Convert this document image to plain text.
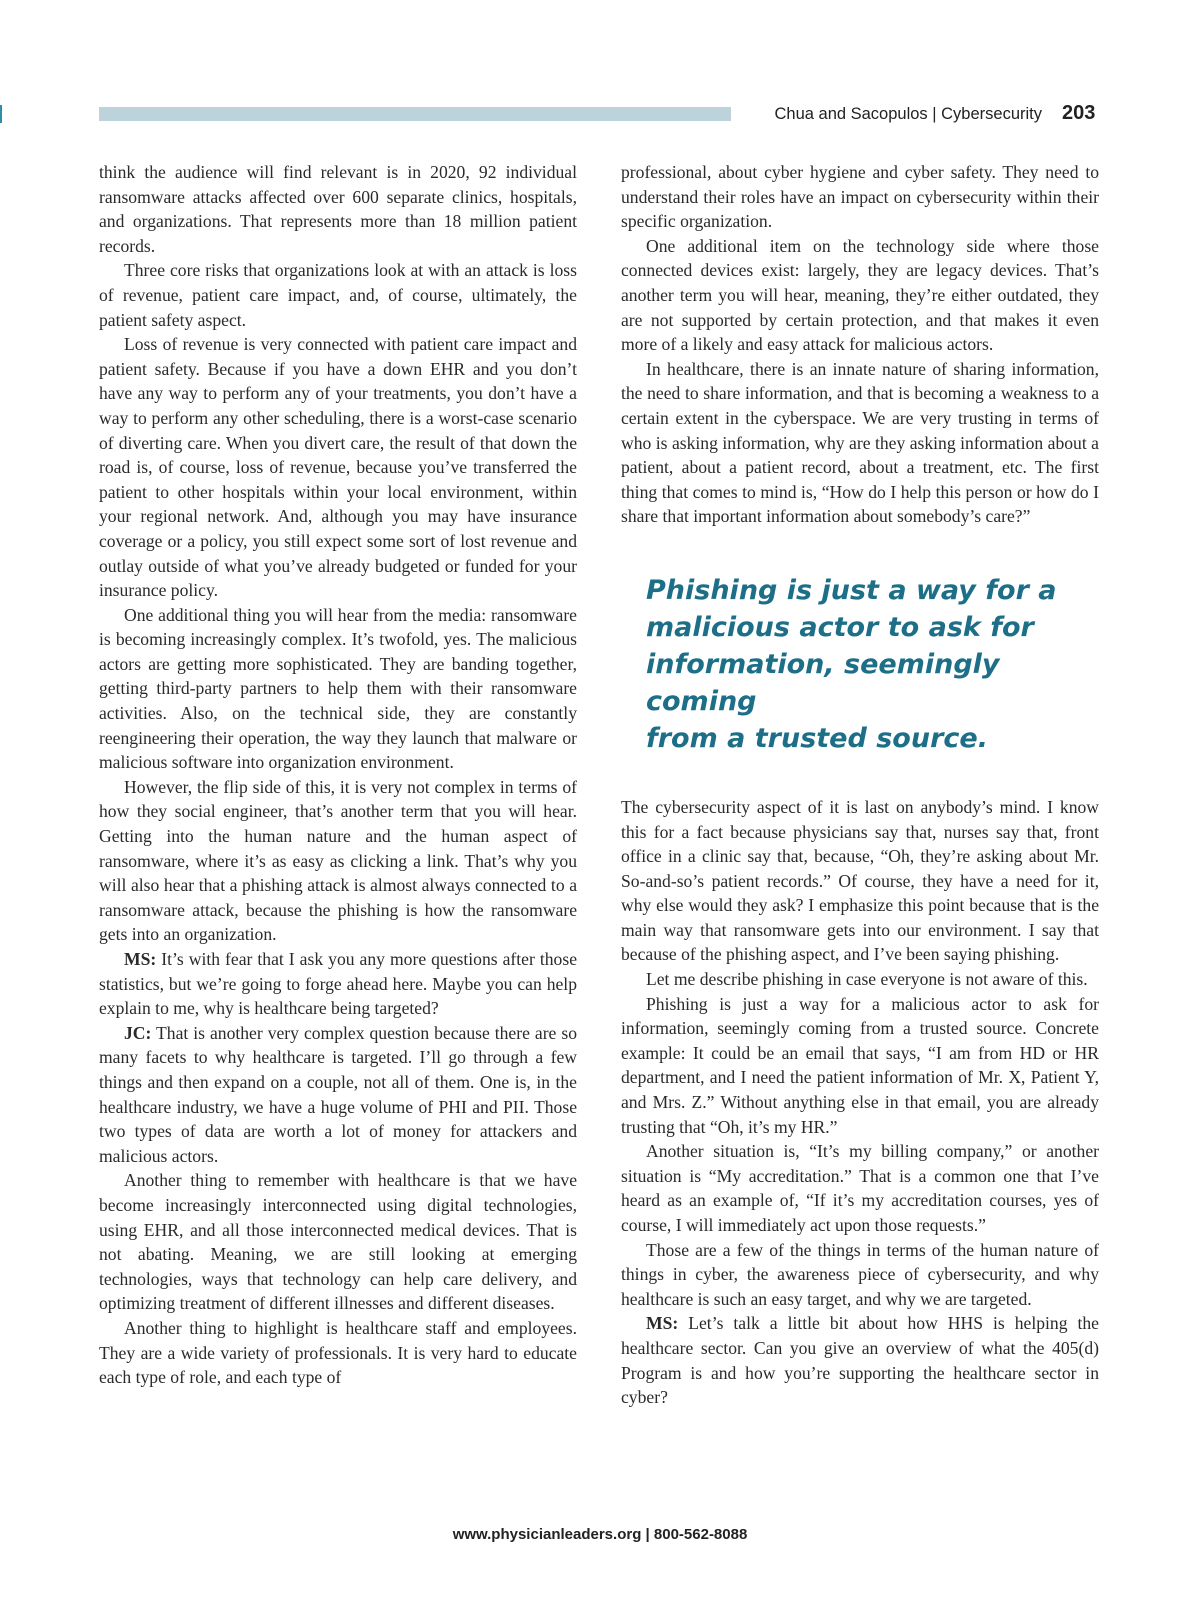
Chua and Sacopulos | Cybersecurity 203

think the audience will find relevant is in 2020, 92 individual ransomware attacks affected over 600 separate clinics, hospitals, and organizations. That represents more than 18 million patient records.

Three core risks that organizations look at with an attack is loss of revenue, patient care impact, and, of course, ultimately, the patient safety aspect.

Loss of revenue is very connected with patient care impact and patient safety. Because if you have a down EHR and you don’t have any way to perform any of your treatments, you don’t have a way to perform any other scheduling, there is a worst-case scenario of diverting care. When you divert care, the result of that down the road is, of course, loss of revenue, because you’ve transferred the patient to other hospitals within your local environment, within your regional network. And, although you may have insurance coverage or a policy, you still expect some sort of lost revenue and outlay outside of what you’ve already budgeted or funded for your insurance policy.

One additional thing you will hear from the media: ransomware is becoming increasingly complex. It’s twofold, yes. The malicious actors are getting more sophisticated. They are banding together, getting third-party partners to help them with their ransomware activities. Also, on the technical side, they are constantly reengineering their operation, the way they launch that malware or malicious software into organization environment.

However, the flip side of this, it is very not complex in terms of how they social engineer, that’s another term that you will hear. Getting into the human nature and the human aspect of ransomware, where it’s as easy as clicking a link. That’s why you will also hear that a phishing attack is almost always connected to a ransomware attack, because the phishing is how the ransomware gets into an organization.

MS: It’s with fear that I ask you any more questions after those statistics, but we’re going to forge ahead here. Maybe you can help explain to me, why is healthcare being targeted?

JC: That is another very complex question because there are so many facets to why healthcare is targeted. I’ll go through a few things and then expand on a couple, not all of them. One is, in the healthcare industry, we have a huge volume of PHI and PII. Those two types of data are worth a lot of money for attackers and malicious actors.

Another thing to remember with healthcare is that we have become increasingly interconnected using digital technologies, using EHR, and all those interconnected medical devices. That is not abating. Meaning, we are still looking at emerging technologies, ways that technology can help care delivery, and optimizing treatment of different illnesses and different diseases.

Another thing to highlight is healthcare staff and employees. They are a wide variety of professionals. It is very hard to educate each type of role, and each type of

professional, about cyber hygiene and cyber safety. They need to understand their roles have an impact on cybersecurity within their specific organization.

One additional item on the technology side where those connected devices exist: largely, they are legacy devices. That’s another term you will hear, meaning, they’re either outdated, they are not supported by certain protection, and that makes it even more of a likely and easy attack for malicious actors.

In healthcare, there is an innate nature of sharing information, the need to share information, and that is becoming a weakness to a certain extent in the cyberspace. We are very trusting in terms of who is asking information, why are they asking information about a patient, about a patient record, about a treatment, etc. The first thing that comes to mind is, “How do I help this person or how do I share that important information about somebody’s care?”

Phishing is just a way for a
malicious actor to ask for
information, seemingly coming
from a trusted source.

The cybersecurity aspect of it is last on anybody’s mind. I know this for a fact because physicians say that, nurses say that, front office in a clinic say that, because, “Oh, they’re asking about Mr. So-and-so’s patient records.” Of course, they have a need for it, why else would they ask? I emphasize this point because that is the main way that ransomware gets into our environment. I say that because of the phishing aspect, and I’ve been saying phishing.

Let me describe phishing in case everyone is not aware of this.

Phishing is just a way for a malicious actor to ask for information, seemingly coming from a trusted source. Concrete example: It could be an email that says, “I am from HD or HR department, and I need the patient information of Mr. X, Patient Y, and Mrs. Z.” Without anything else in that email, you are already trusting that “Oh, it’s my HR.”

Another situation is, “It’s my billing company,” or another situation is “My accreditation.” That is a common one that I’ve heard as an example of, “If it’s my accreditation courses, yes of course, I will immediately act upon those requests.”

Those are a few of the things in terms of the human nature of things in cyber, the awareness piece of cybersecurity, and why healthcare is such an easy target, and why we are targeted.

MS: Let’s talk a little bit about how HHS is helping the healthcare sector. Can you give an overview of what the 405(d) Program is and how you’re supporting the healthcare sector in cyber?

www.physicianleaders.org | 800-562-8088
